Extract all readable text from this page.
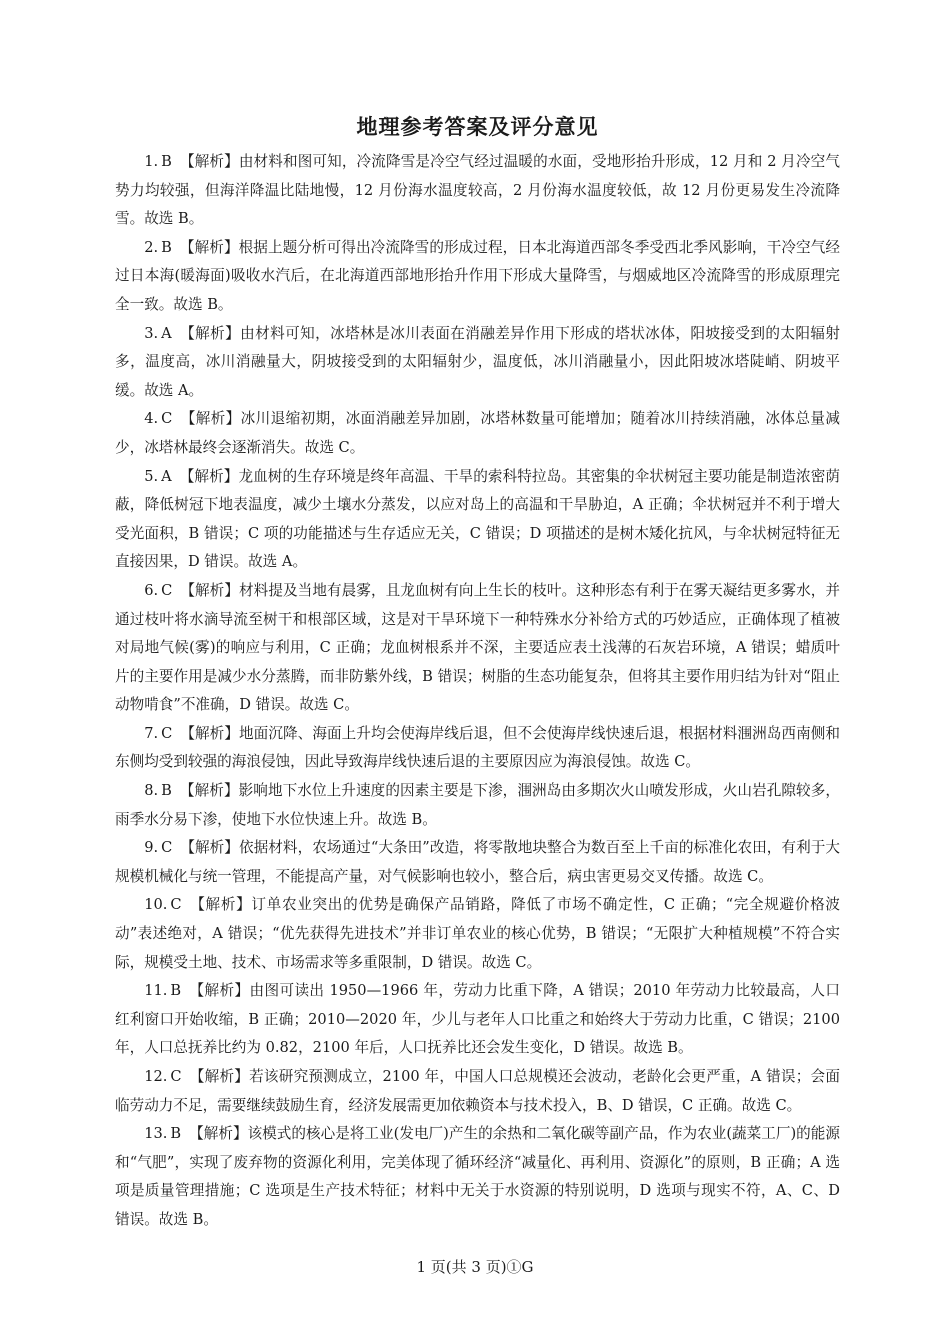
地理参考答案及评分意见

1. B 【解析】由材料和图可知，冷流降雪是冷空气经过温暖的水面，受地形抬升形成，12 月和 2 月冷空气势力均较强，但海洋降温比陆地慢，12 月份海水温度较高，2 月份海水温度较低，故 12 月份更易发生冷流降雪。故选 B。

2. B 【解析】根据上题分析可得出冷流降雪的形成过程，日本北海道西部冬季受西北季风影响，干冷空气经过日本海(暖海面)吸收水汽后，在北海道西部地形抬升作用下形成大量降雪，与烟威地区冷流降雪的形成原理完全一致。故选 B。

3. A 【解析】由材料可知，冰塔林是冰川表面在消融差异作用下形成的塔状冰体，阳坡接受到的太阳辐射多，温度高，冰川消融量大，阴坡接受到的太阳辐射少，温度低，冰川消融量小，因此阳坡冰塔陡峭、阴坡平缓。故选 A。

4. C 【解析】冰川退缩初期，冰面消融差异加剧，冰塔林数量可能增加；随着冰川持续消融，冰体总量减少，冰塔林最终会逐渐消失。故选 C。

5. A 【解析】龙血树的生存环境是终年高温、干旱的索科特拉岛。其密集的伞状树冠主要功能是制造浓密荫蔽，降低树冠下地表温度，减少土壤水分蒸发，以应对岛上的高温和干旱胁迫，A 正确；伞状树冠并不利于增大受光面积，B 错误；C 项的功能描述与生存适应无关，C 错误；D 项描述的是树木矮化抗风，与伞状树冠特征无直接因果，D 错误。故选 A。

6. C 【解析】材料提及当地有晨雾，且龙血树有向上生长的枝叶。这种形态有利于在雾天凝结更多雾水，并通过枝叶将水滴导流至树干和根部区域，这是对干旱环境下一种特殊水分补给方式的巧妙适应，正确体现了植被对局地气候(雾)的响应与利用，C 正确；龙血树根系并不深，主要适应表土浅薄的石灰岩环境，A 错误；蜡质叶片的主要作用是减少水分蒸腾，而非防紫外线，B 错误；树脂的生态功能复杂，但将其主要作用归结为针对“阻止动物啃食”不准确，D 错误。故选 C。

7. C 【解析】地面沉降、海面上升均会使海岸线后退，但不会使海岸线快速后退，根据材料涠洲岛西南侧和东侧均受到较强的海浪侵蚀，因此导致海岸线快速后退的主要原因应为海浪侵蚀。故选 C。

8. B 【解析】影响地下水位上升速度的因素主要是下渗，涠洲岛由多期次火山喷发形成，火山岩孔隙较多，雨季水分易下渗，使地下水位快速上升。故选 B。

9. C 【解析】依据材料，农场通过“大条田”改造，将零散地块整合为数百至上千亩的标准化农田，有利于大规模机械化与统一管理，不能提高产量，对气候影响也较小，整合后，病虫害更易交叉传播。故选 C。

10. C 【解析】订单农业突出的优势是确保产品销路，降低了市场不确定性，C 正确；“完全规避价格波动”表述绝对，A 错误；“优先获得先进技术”并非订单农业的核心优势，B 错误；“无限扩大种植规模”不符合实际，规模受土地、技术、市场需求等多重限制，D 错误。故选 C。

11. B 【解析】由图可读出 1950—1966 年，劳动力比重下降，A 错误；2010 年劳动力比较最高，人口红利窗口开始收缩，B 正确；2010—2020 年，少儿与老年人口比重之和始终大于劳动力比重，C 错误；2100 年，人口总抚养比约为 0.82，2100 年后，人口抚养比还会发生变化，D 错误。故选 B。

12. C 【解析】若该研究预测成立，2100 年，中国人口总规模还会波动，老龄化会更严重，A 错误；会面临劳动力不足，需要继续鼓励生育，经济发展需更加依赖资本与技术投入，B、D 错误，C 正确。故选 C。

13. B 【解析】该模式的核心是将工业(发电厂)产生的余热和二氧化碳等副产品，作为农业(蔬菜工厂)的能源和“气肥”，实现了废弃物的资源化利用，完美体现了循环经济“减量化、再利用、资源化”的原则，B 正确；A 选项是质量管理措施；C 选项是生产技术特征；材料中无关于水资源的特别说明，D 选项与现实不符，A、C、D 错误。故选 B。

1 页(共 3 页)①G
